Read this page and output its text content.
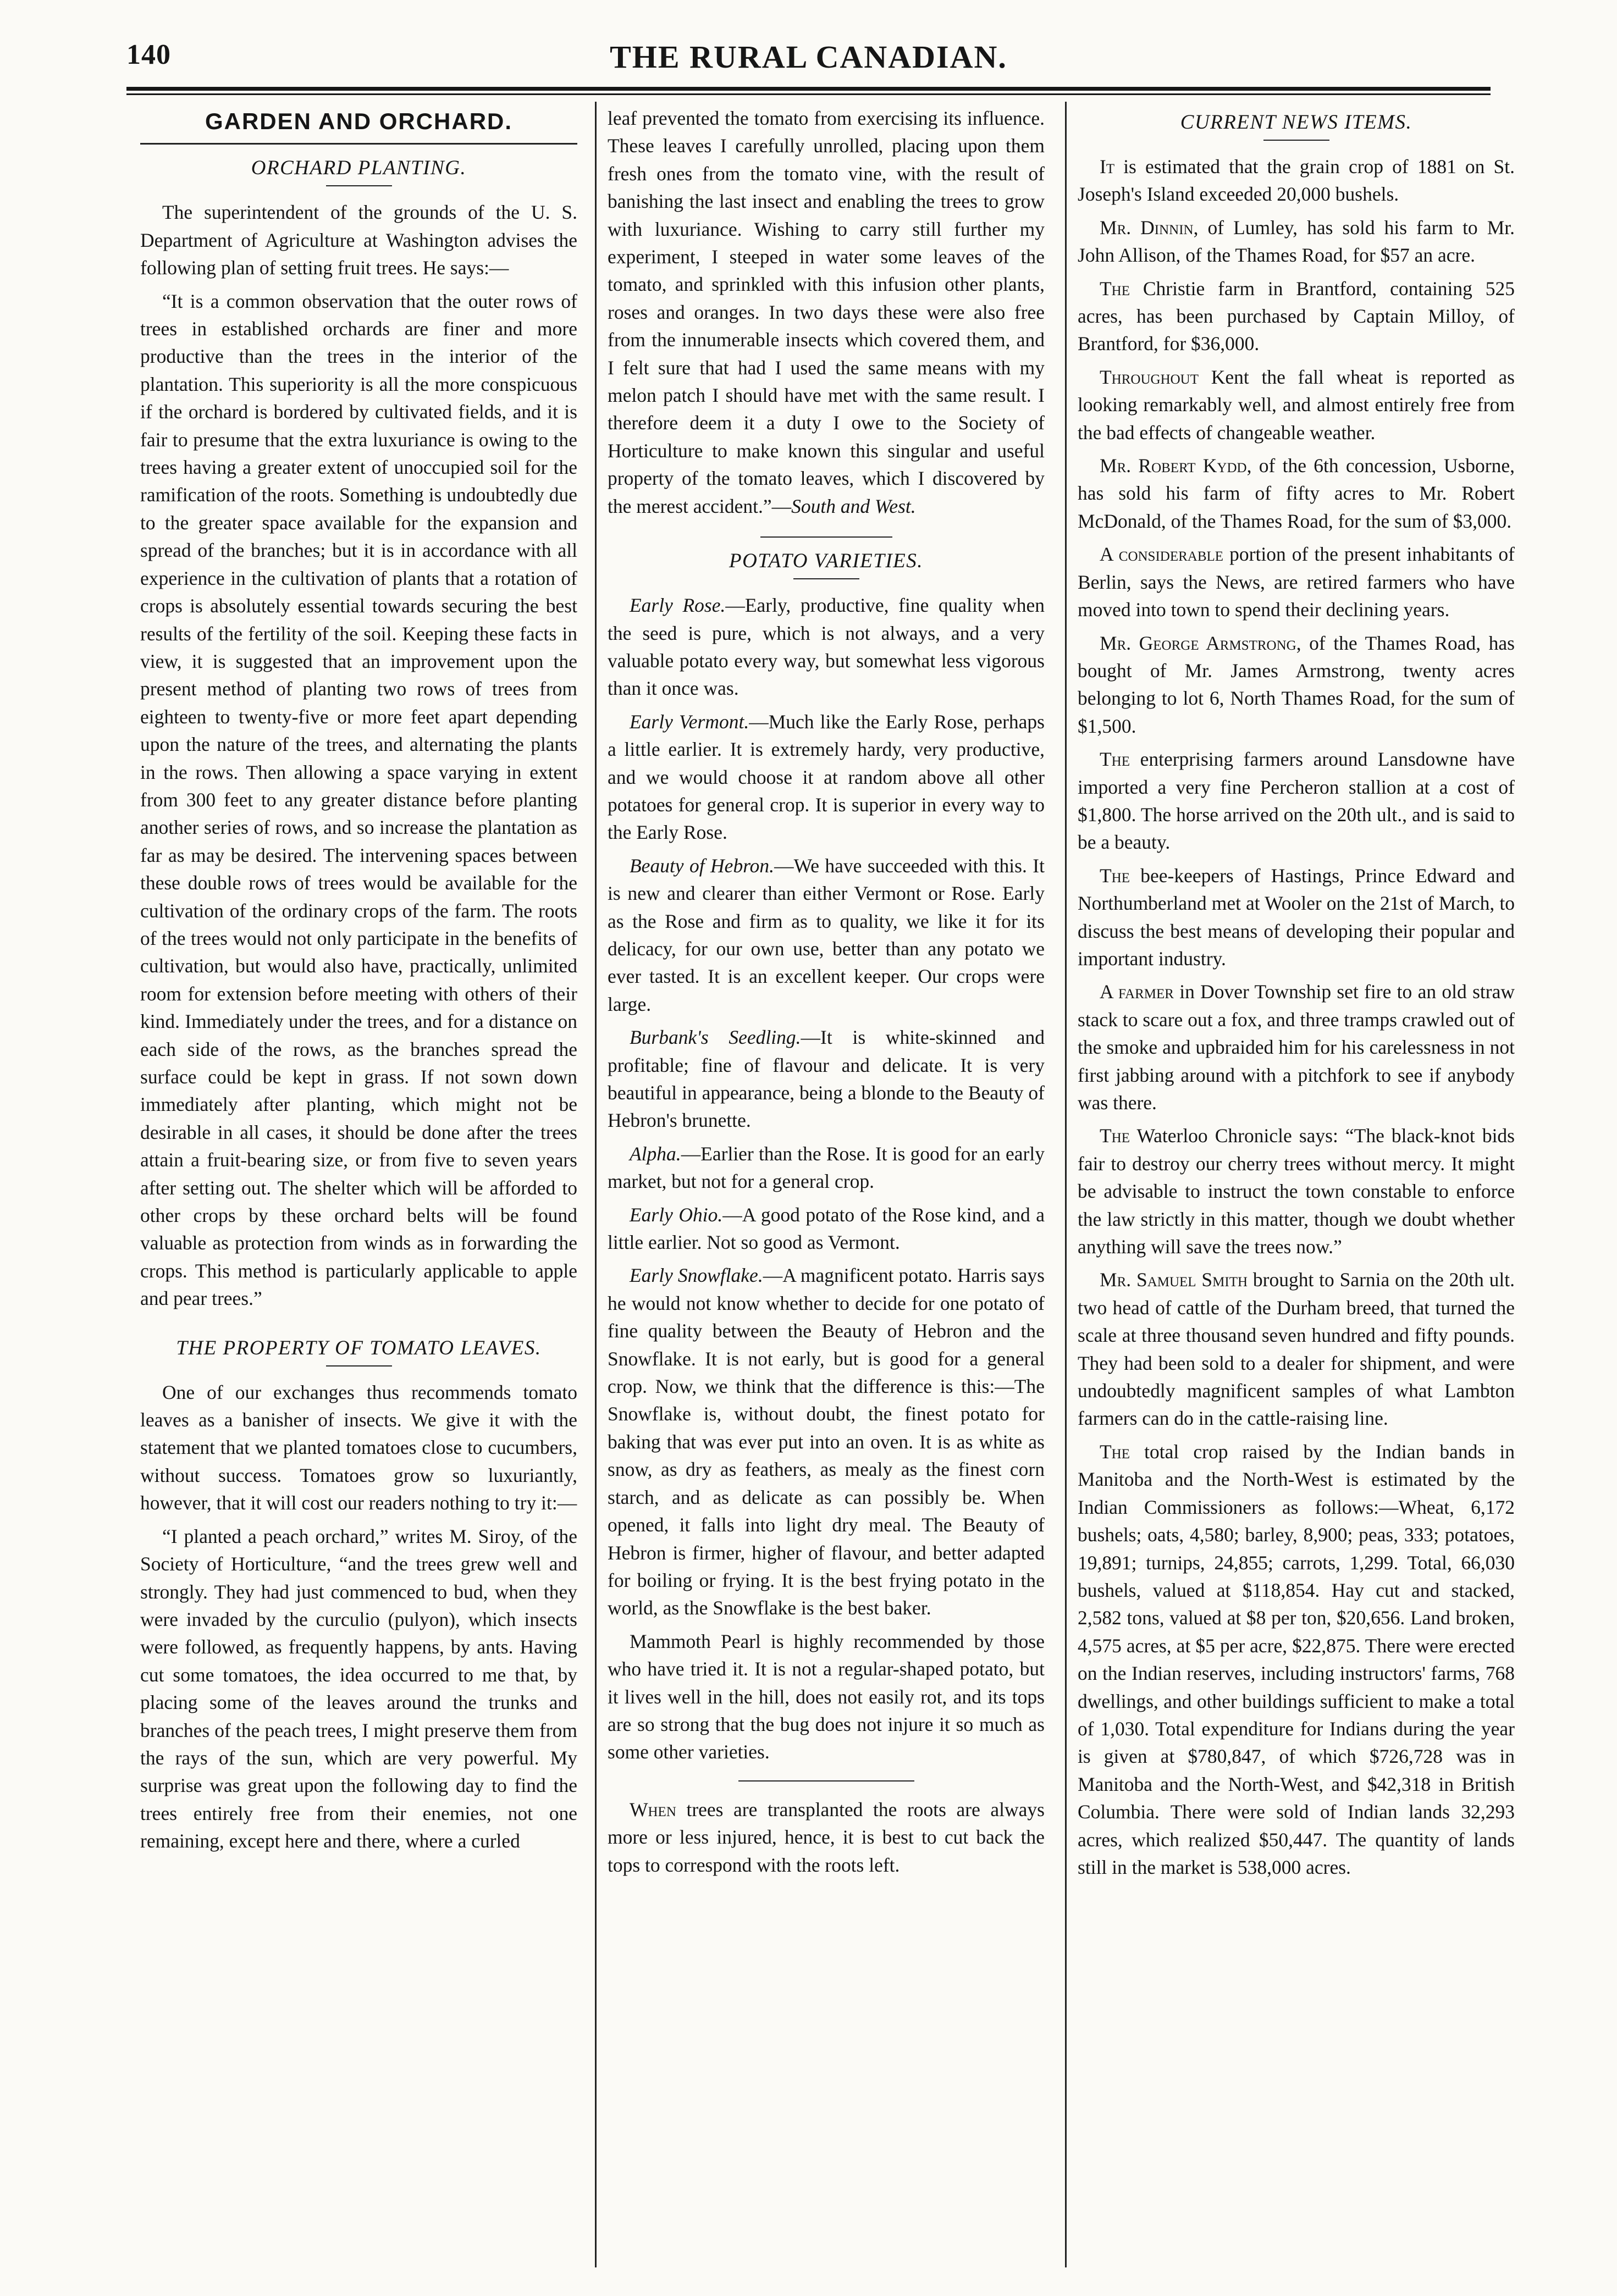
140	THE RURAL CANADIAN.
GARDEN AND ORCHARD.
ORCHARD PLANTING.

The superintendent of the grounds of the U. S. Department of Agriculture at Washington advises the following plan of setting fruit trees. He says:—

“It is a common observation that the outer rows of trees in established orchards are finer and more productive than the trees in the interior of the plantation. This superiority is all the more conspicuous if the orchard is bordered by cultivated fields, and it is fair to presume that the extra luxuriance is owing to the trees having a greater extent of unoccupied soil for the ramification of the roots. Something is undoubtedly due to the greater space available for the expansion and spread of the branches; but it is in accordance with all experience in the cultivation of plants that a rotation of crops is absolutely essential towards securing the best results of the fertility of the soil. Keeping these facts in view, it is suggested that an improvement upon the present method of planting two rows of trees from eighteen to twenty-five or more feet apart depending upon the nature of the trees, and alternating the plants in the rows. Then allowing a space varying in extent from 300 feet to any greater distance before planting another series of rows, and so increase the plantation as far as may be desired. The intervening spaces between these double rows of trees would be available for the cultivation of the ordinary crops of the farm. The roots of the trees would not only participate in the benefits of cultivation, but would also have, practically, unlimited room for extension before meeting with others of their kind. Immediately under the trees, and for a distance on each side of the rows, as the branches spread the surface could be kept in grass. If not sown down immediately after planting, which might not be desirable in all cases, it should be done after the trees attain a fruit-bearing size, or from five to seven years after setting out. The shelter which will be afforded to other crops by these orchard belts will be found valuable as protection from winds as in forwarding the crops. This method is particularly applicable to apple and pear trees.”

THE PROPERTY OF TOMATO LEAVES.

One of our exchanges thus recommends tomato leaves as a banisher of insects. We give it with the statement that we planted tomatoes close to cucumbers, without success. Tomatoes grow so luxuriantly, however, that it will cost our readers nothing to try it:—

“I planted a peach orchard,” writes M. Siroy, of the Society of Horticulture, “and the trees grew well and strongly. They had just commenced to bud, when they were invaded by the curculio (pulyon), which insects were followed, as frequently happens, by ants. Having cut some tomatoes, the idea occurred to me that, by placing some of the leaves around the trunks and branches of the peach trees, I might preserve them from the rays of the sun, which are very powerful. My surprise was great upon the following day to find the trees entirely free from their enemies, not one remaining, except here and there, where a curled

leaf prevented the tomato from exercising its influence. These leaves I carefully unrolled, placing upon them fresh ones from the tomato vine, with the result of banishing the last insect and enabling the trees to grow with luxuriance. Wishing to carry still further my experiment, I steeped in water some leaves of the tomato, and sprinkled with this infusion other plants, roses and oranges. In two days these were also free from the innumerable insects which covered them, and I felt sure that had I used the same means with my melon patch I should have met with the same result. I therefore deem it a duty I owe to the Society of Horticulture to make known this singular and useful property of the tomato leaves, which I discovered by the merest accident.”—South and West.

POTATO VARIETIES.

Early Rose.—Early, productive, fine quality when the seed is pure, which is not always, and a very valuable potato every way, but somewhat less vigorous than it once was.

Early Vermont.—Much like the Early Rose, perhaps a little earlier. It is extremely hardy, very productive, and we would choose it at random above all other potatoes for general crop. It is superior in every way to the Early Rose.

Beauty of Hebron.—We have succeeded with this. It is new and clearer than either Vermont or Rose. Early as the Rose and firm as to quality, we like it for its delicacy, for our own use, better than any potato we ever tasted. It is an excellent keeper. Our crops were large.

Burbank's Seedling.—It is white-skinned and profitable; fine of flavour and delicate. It is very beautiful in appearance, being a blonde to the Beauty of Hebron's brunette.

Alpha.—Earlier than the Rose. It is good for an early market, but not for a general crop.

Early Ohio.—A good potato of the Rose kind, and a little earlier. Not so good as Vermont.

Early Snowflake.—A magnificent potato. Harris says he would not know whether to decide for one potato of fine quality between the Beauty of Hebron and the Snowflake. It is not early, but is good for a general crop. Now, we think that the difference is this:—The Snowflake is, without doubt, the finest potato for baking that was ever put into an oven. It is as white as snow, as dry as feathers, as mealy as the finest corn starch, and as delicate as can possibly be. When opened, it falls into light dry meal. The Beauty of Hebron is firmer, higher of flavour, and better adapted for boiling or frying. It is the best frying potato in the world, as the Snowflake is the best baker.

Mammoth Pearl is highly recommended by those who have tried it. It is not a regular-shaped potato, but it lives well in the hill, does not easily rot, and its tops are so strong that the bug does not injure it so much as some other varieties.

When trees are transplanted the roots are always more or less injured, hence, it is best to cut back the tops to correspond with the roots left.

CURRENT NEWS ITEMS.

It is estimated that the grain crop of 1881 on St. Joseph's Island exceeded 20,000 bushels.

Mr. Dinnin, of Lumley, has sold his farm to Mr. John Allison, of the Thames Road, for $57 an acre.

The Christie farm in Brantford, containing 525 acres, has been purchased by Captain Milloy, of Brantford, for $36,000.

Throughout Kent the fall wheat is reported as looking remarkably well, and almost entirely free from the bad effects of changeable weather.

Mr. Robert Kydd, of the 6th concession, Usborne, has sold his farm of fifty acres to Mr. Robert McDonald, of the Thames Road, for the sum of $3,000.

A considerable portion of the present inhabitants of Berlin, says the News, are retired farmers who have moved into town to spend their declining years.

Mr. George Armstrong, of the Thames Road, has bought of Mr. James Armstrong, twenty acres belonging to lot 6, North Thames Road, for the sum of $1,500.

The enterprising farmers around Lansdowne have imported a very fine Percheron stallion at a cost of $1,800. The horse arrived on the 20th ult., and is said to be a beauty.

The bee-keepers of Hastings, Prince Edward and Northumberland met at Wooler on the 21st of March, to discuss the best means of developing their popular and important industry.

A farmer in Dover Township set fire to an old straw stack to scare out a fox, and three tramps crawled out of the smoke and upbraided him for his carelessness in not first jabbing around with a pitchfork to see if anybody was there.

The Waterloo Chronicle says: “The black-knot bids fair to destroy our cherry trees without mercy. It might be advisable to instruct the town constable to enforce the law strictly in this matter, though we doubt whether anything will save the trees now.”

Mr. Samuel Smith brought to Sarnia on the 20th ult. two head of cattle of the Durham breed, that turned the scale at three thousand seven hundred and fifty pounds. They had been sold to a dealer for shipment, and were undoubtedly magnificent samples of what Lambton farmers can do in the cattle-raising line.

The total crop raised by the Indian bands in Manitoba and the North-West is estimated by the Indian Commissioners as follows:—Wheat, 6,172 bushels; oats, 4,580; barley, 8,900; peas, 333; potatoes, 19,891; turnips, 24,855; carrots, 1,299. Total, 66,030 bushels, valued at $118,854. Hay cut and stacked, 2,582 tons, valued at $8 per ton, $20,656. Land broken, 4,575 acres, at $5 per acre, $22,875. There were erected on the Indian reserves, including instructors' farms, 768 dwellings, and other buildings sufficient to make a total of 1,030. Total expenditure for Indians during the year is given at $780,847, of which $726,728 was in Manitoba and the North-West, and $42,318 in British Columbia. There were sold of Indian lands 32,293 acres, which realized $50,447. The quantity of lands still in the market is 538,000 acres.
